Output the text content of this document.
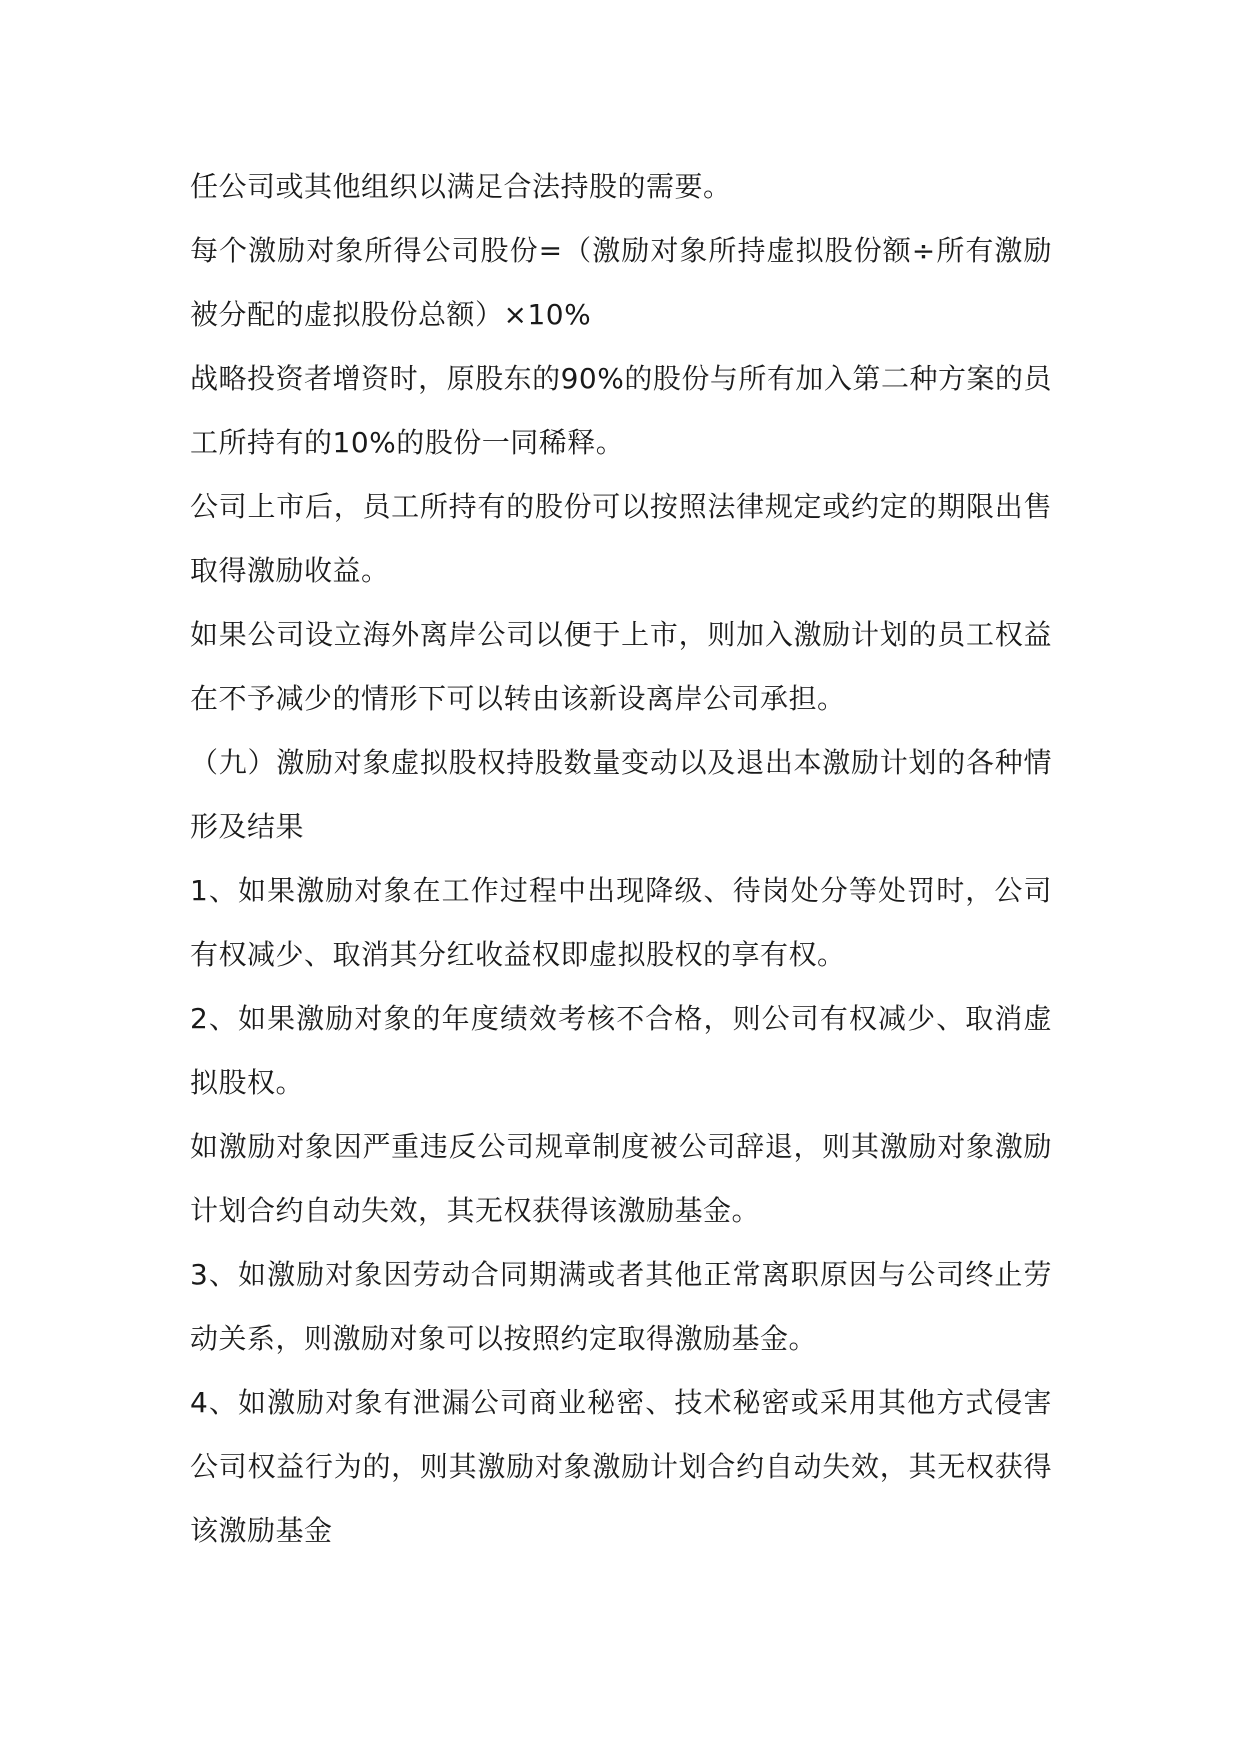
任公司或其他组织以满足合法持股的需要。

每个激励对象所得公司股份=（激励对象所持虚拟股份额÷所有激励被分配的虚拟股份总额）×10%

战略投资者增资时，原股东的90%的股份与所有加入第二种方案的员工所持有的10%的股份一同稀释。

公司上市后，员工所持有的股份可以按照法律规定或约定的期限出售取得激励收益。

如果公司设立海外离岸公司以便于上市，则加入激励计划的员工权益在不予减少的情形下可以转由该新设离岸公司承担。

（九）激励对象虚拟股权持股数量变动以及退出本激励计划的各种情形及结果

1、如果激励对象在工作过程中出现降级、待岗处分等处罚时，公司有权减少、取消其分红收益权即虚拟股权的享有权。

2、如果激励对象的年度绩效考核不合格，则公司有权减少、取消虚拟股权。

如激励对象因严重违反公司规章制度被公司辞退，则其激励对象激励计划合约自动失效，其无权获得该激励基金。

3、如激励对象因劳动合同期满或者其他正常离职原因与公司终止劳动关系，则激励对象可以按照约定取得激励基金。

4、如激励对象有泄漏公司商业秘密、技术秘密或采用其他方式侵害公司权益行为的，则其激励对象激励计划合约自动失效，其无权获得该激励基金
